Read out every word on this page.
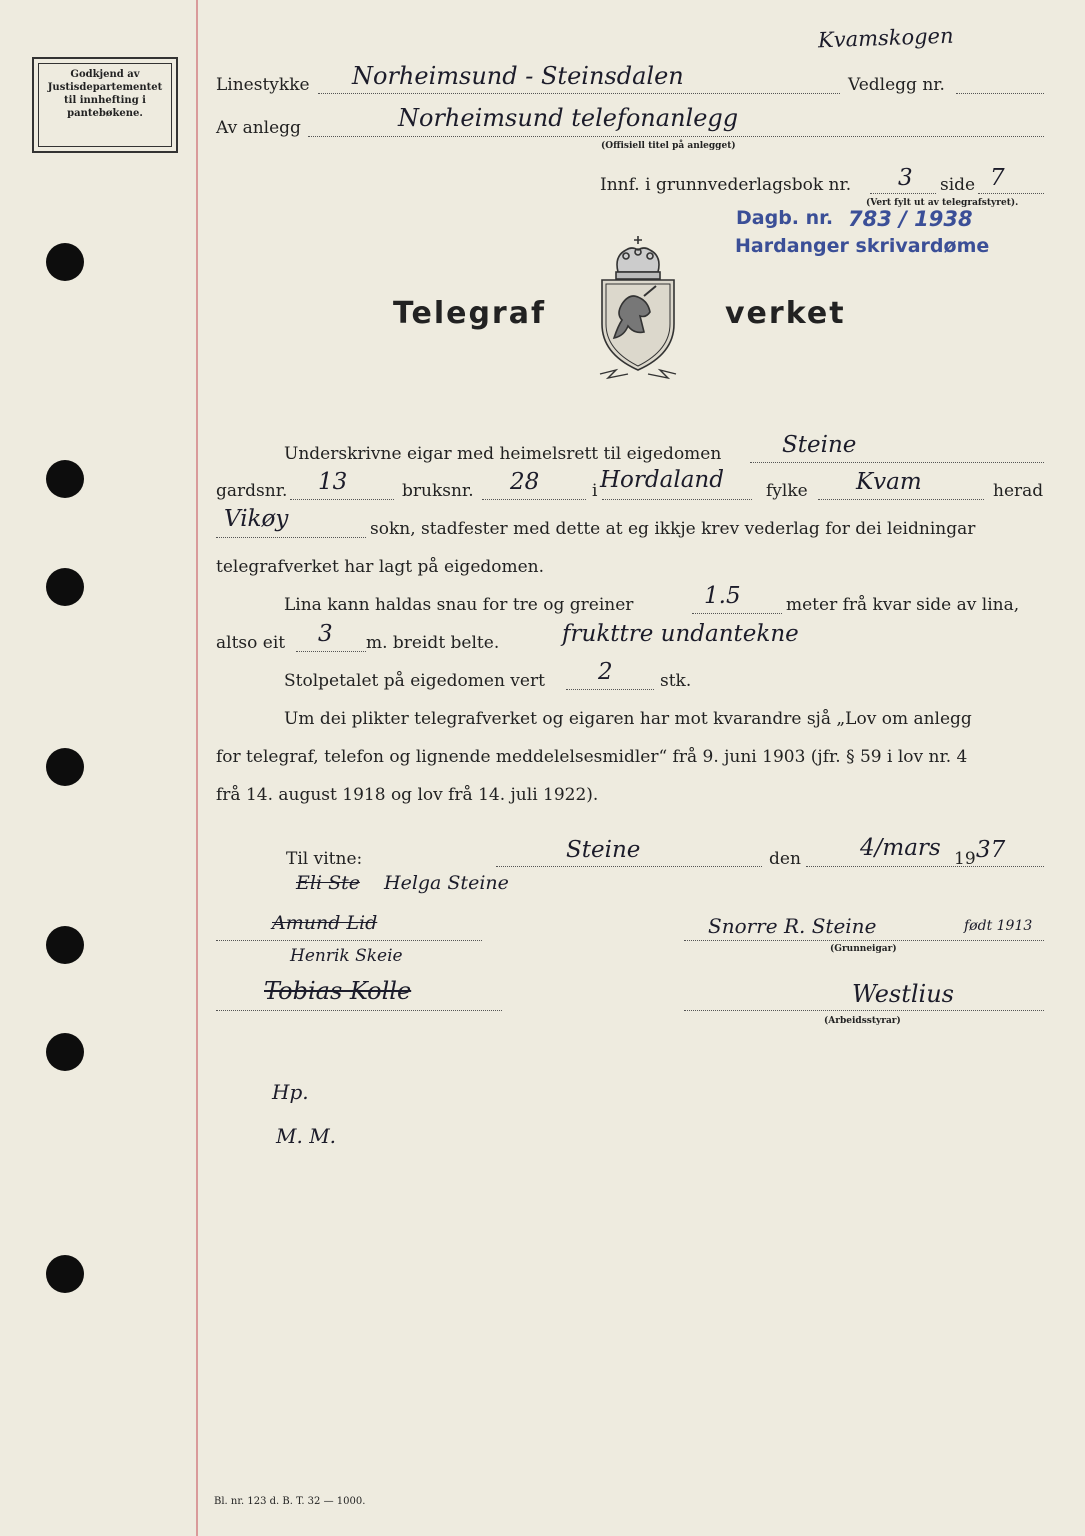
Godkjend av
Justisdepartementet
til innhefting i
pantebøkene.
Linestykke Norheimsund - Steinsdalen	Vedlegg nr.
Kvamskogen
Av anlegg	Norheimsund telefonanlegg
(Offisiell titel på anlegget)
Innf. i grunnvederlagsbok nr. 3 side 7
(Vert fylt ut av telegrafstyret).
Dagb. nr. 783 / 1938
Hardanger skrivardøme
Telegraf	verket
Underskrivne eigar med heimelsrett til eigedomen	Steine
gardsnr. 13	bruksnr. 28	i Hordaland fylke Kvam	herad
Vikøy	sokn, stadfester med dette at eg ikkje krev vederlag for dei leidningar
telegrafverket har lagt på eigedomen.
Lina kann haldas snau for tre og greiner	1.5	meter frå kvar side av lina,
altso eit 3 m. breidt belte.	frukttre undantekne
Stolpetalet på eigedomen vert 2	stk.
Um dei plikter telegrafverket og eigaren har mot kvarandre sjå „Lov om anlegg
for telegraf, telefon og lignende meddelelsesmidler“ frå 9. juni 1903 (jfr. § 59 i lov nr. 4
frå 14. august 1918 og lov frå 14. juli 1922).
Til vitne:	Steine	den	4/mars 19 37
Eli Ste Helga Steine
Amund Lid
Henrik Skeie
Tobias Kolle
Snorre R. Steine	født 1913
(Grunneigar)
Westlius
(Arbeidsstyrar)
Hp.
M. M.
Bl. nr. 123 d. B. T. 32 — 1000.
